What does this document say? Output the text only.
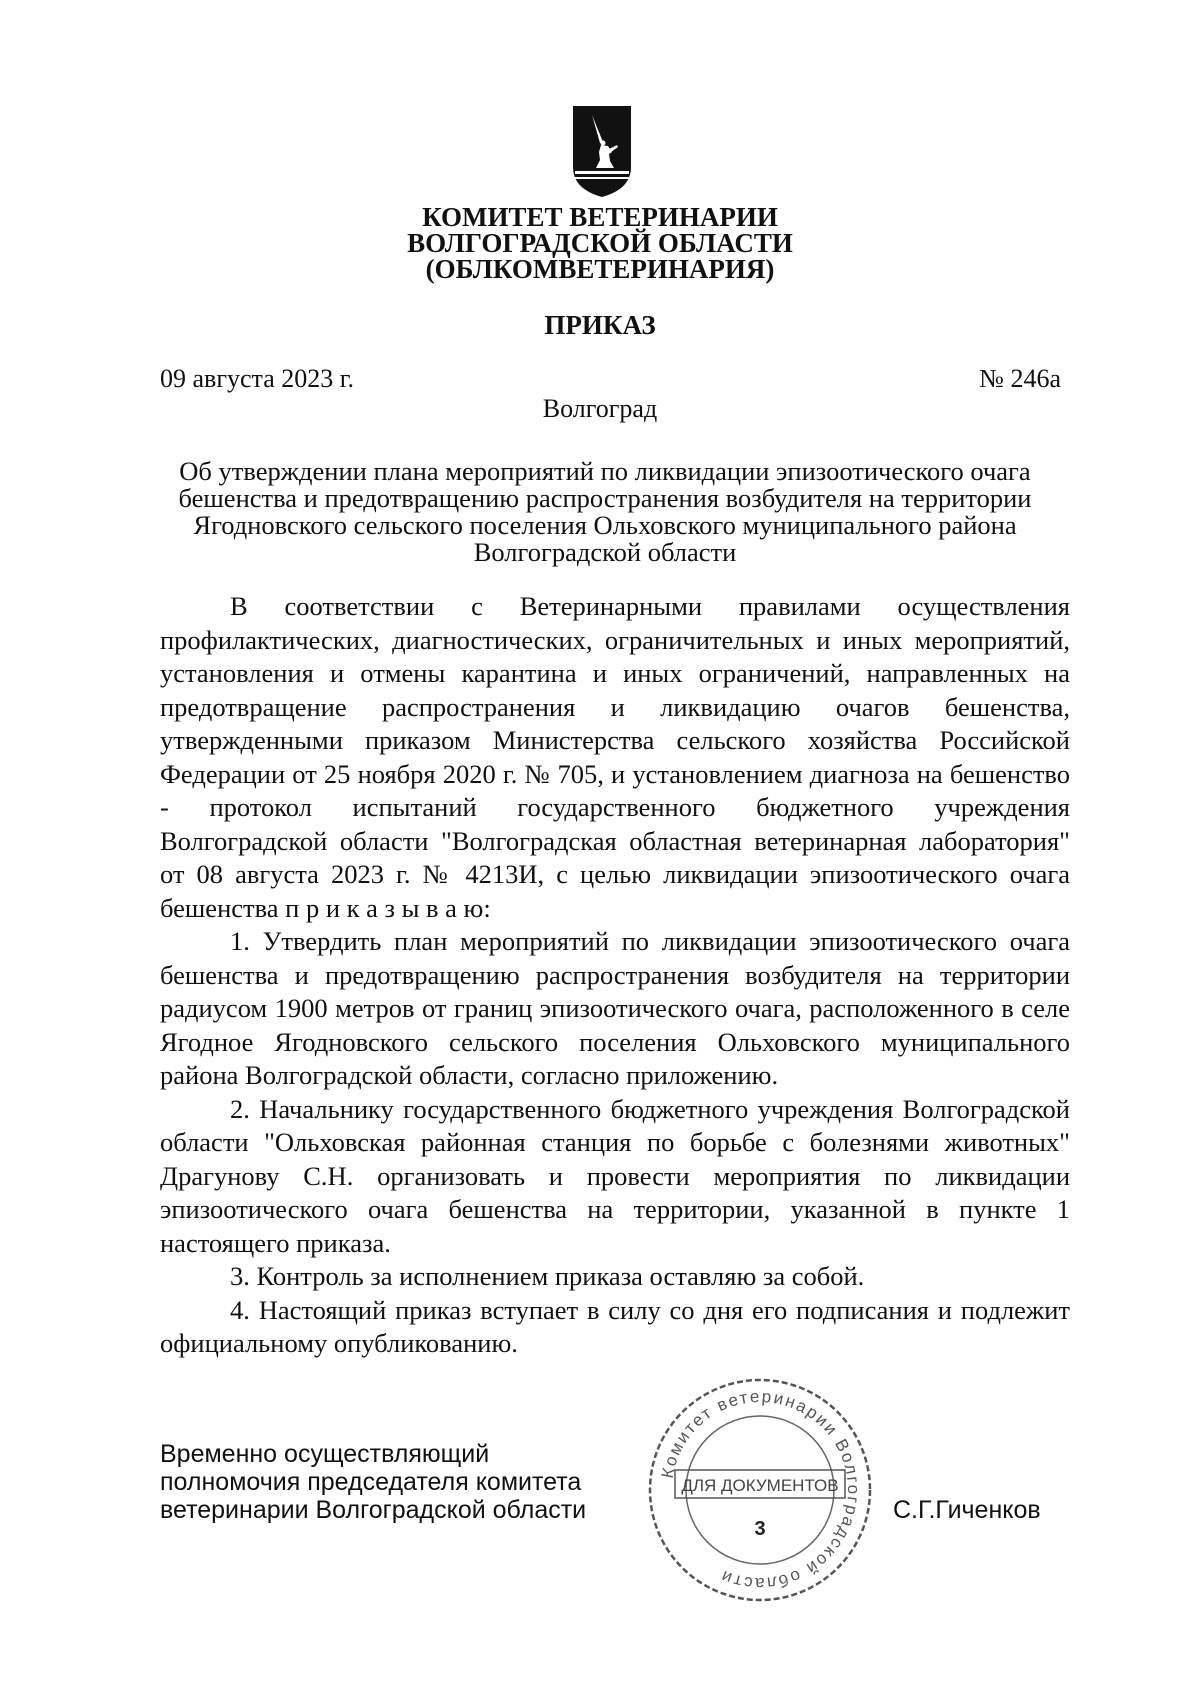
КОМИТЕТ ВЕТЕРИНАРИИ
ВОЛГОГРАДСКОЙ ОБЛАСТИ
(ОБЛКОМВЕТЕРИНАРИЯ)
ПРИКАЗ
09 августа 2023 г.	№ 246а
Волгоград
Об утверждении плана мероприятий по ликвидации эпизоотического очага
бешенства и предотвращению распространения возбудителя на территории
Ягодновского сельского поселения Ольховского муниципального района
Волгоградской области

В соответствии с Ветеринарными правилами осуществления профилактических, диагностических, ограничительных и иных мероприятий, установления и отмены карантина и иных ограничений, направленных на предотвращение распространения и ликвидацию очагов бешенства, утвержденными приказом Министерства сельского хозяйства Российской Федерации от 25 ноября 2020 г. № 705, и установлением диагноза на бешенство - протокол испытаний государственного бюджетного учреждения Волгоградской области "Волгоградская областная ветеринарная лаборатория" от 08 августа 2023 г. № 4213И, с целью ликвидации эпизоотического очага бешенства п р и к а з ы в а ю:

1. Утвердить план мероприятий по ликвидации эпизоотического очага бешенства и предотвращению распространения возбудителя на территории радиусом 1900 метров от границ эпизоотического очага, расположенного в селе Ягодное Ягодновского сельского поселения Ольховского муниципального района Волгоградской области, согласно приложению.

2. Начальнику государственного бюджетного учреждения Волгоградской области "Ольховская районная станция по борьбе с болезнями животных" Драгунову С.Н. организовать и провести мероприятия по ликвидации эпизоотического очага бешенства на территории, указанной в пункте 1 настоящего приказа.

3. Контроль за исполнением приказа оставляю за собой.

4. Настоящий приказ вступает в силу со дня его подписания и подлежит официальному опубликованию.

Комитет ветеринарии Волгоградской области
ДЛЯ ДОКУМЕНТОВ
3
Временно осуществляющий
полномочия председателя комитета
ветеринарии Волгоградской области	С.Г.Гиченков
